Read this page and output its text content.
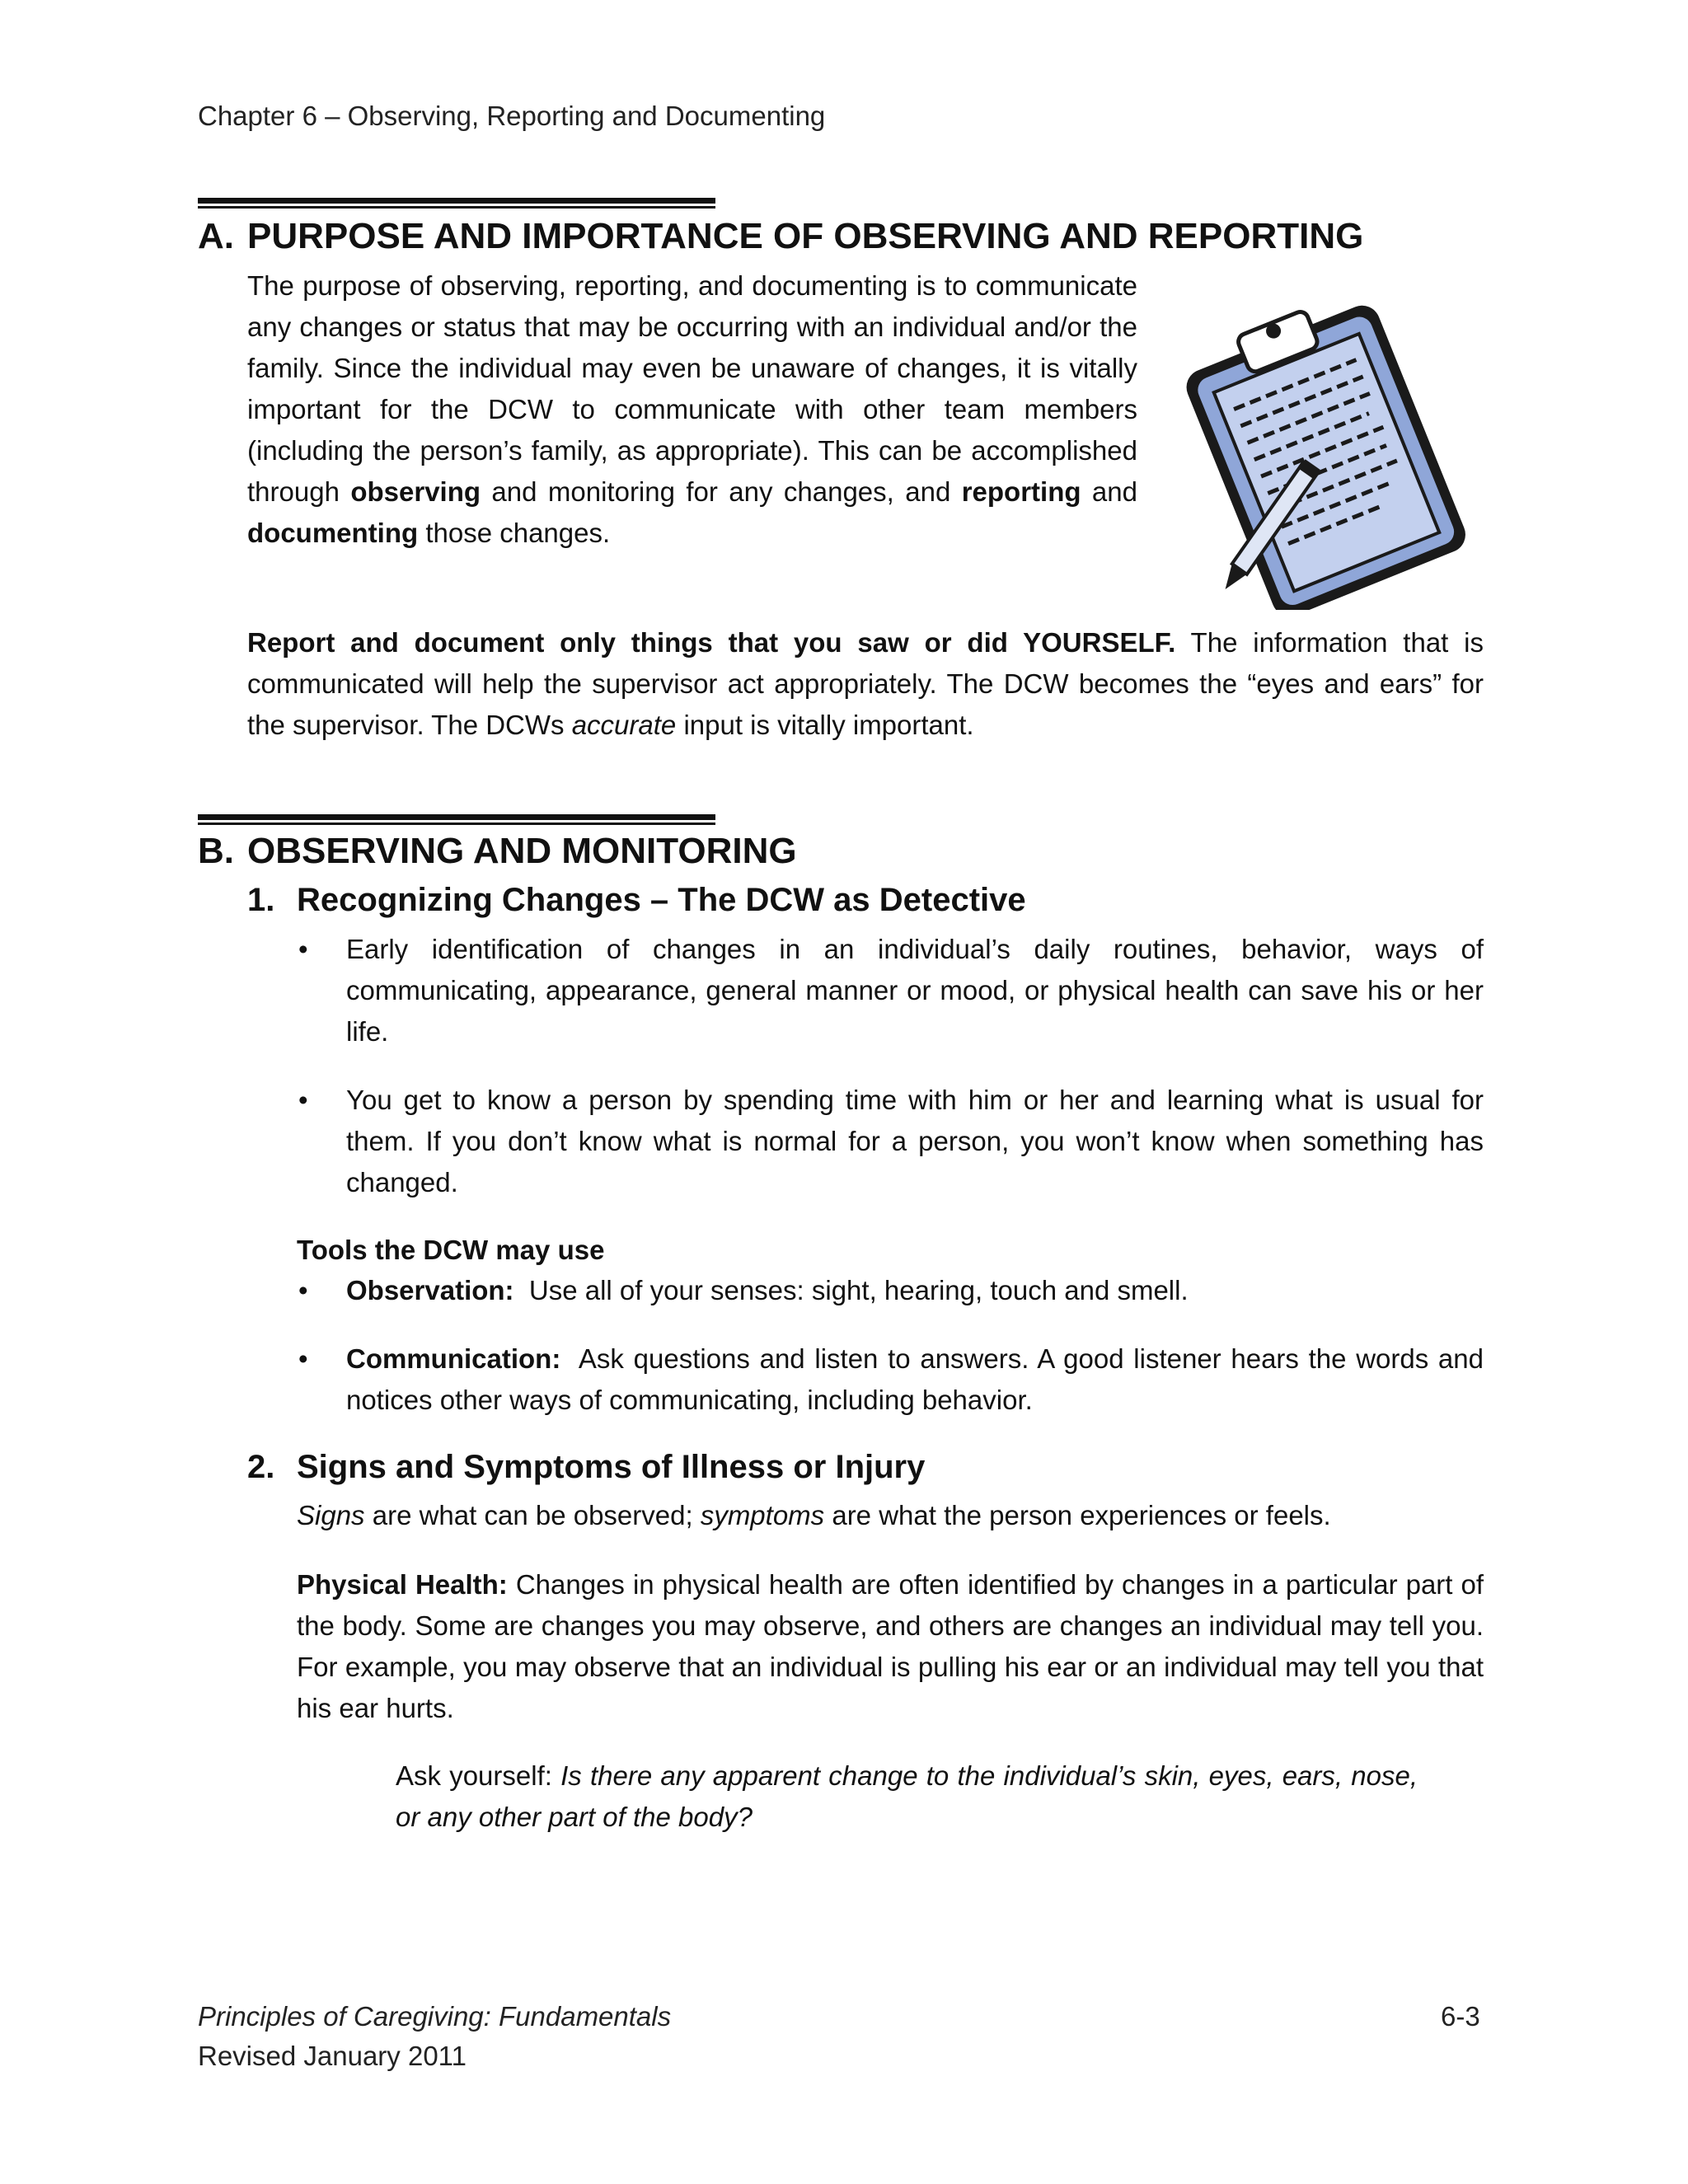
Chapter 6 – Observing, Reporting and Documenting
A. PURPOSE AND IMPORTANCE OF OBSERVING AND REPORTING
The purpose of observing, reporting, and documenting is to communicate any changes or status that may be occurring with an individual and/or the family. Since the individual may even be unaware of changes, it is vitally important for the DCW to communicate with other team members (including the person’s family, as appropriate). This can be accomplished through observing and monitoring for any changes, and reporting and documenting those changes.
Report and document only things that you saw or did YOURSELF. The information that is communicated will help the supervisor act appropriately. The DCW becomes the “eyes and ears” for the supervisor. The DCWs accurate input is vitally important.
B. OBSERVING AND MONITORING
1. Recognizing Changes – The DCW as Detective
• Early identification of changes in an individual’s daily routines, behavior, ways of communicating, appearance, general manner or mood, or physical health can save his or her life.
• You get to know a person by spending time with him or her and learning what is usual for them. If you don’t know what is normal for a person, you won’t know when something has changed.
Tools the DCW may use
• Observation:  Use all of your senses: sight, hearing, touch and smell.
• Communication:  Ask questions and listen to answers. A good listener hears the words and notices other ways of communicating, including behavior.
2. Signs and Symptoms of Illness or Injury
Signs are what can be observed; symptoms are what the person experiences or feels.
Physical Health: Changes in physical health are often identified by changes in a particular part of the body. Some are changes you may observe, and others are changes an individual may tell you. For example, you may observe that an individual is pulling his ear or an individual may tell you that his ear hurts.
Ask yourself: Is there any apparent change to the individual’s skin, eyes, ears, nose, or any other part of the body?
Principles of Caregiving: Fundamentals	6-3
Revised January 2011
